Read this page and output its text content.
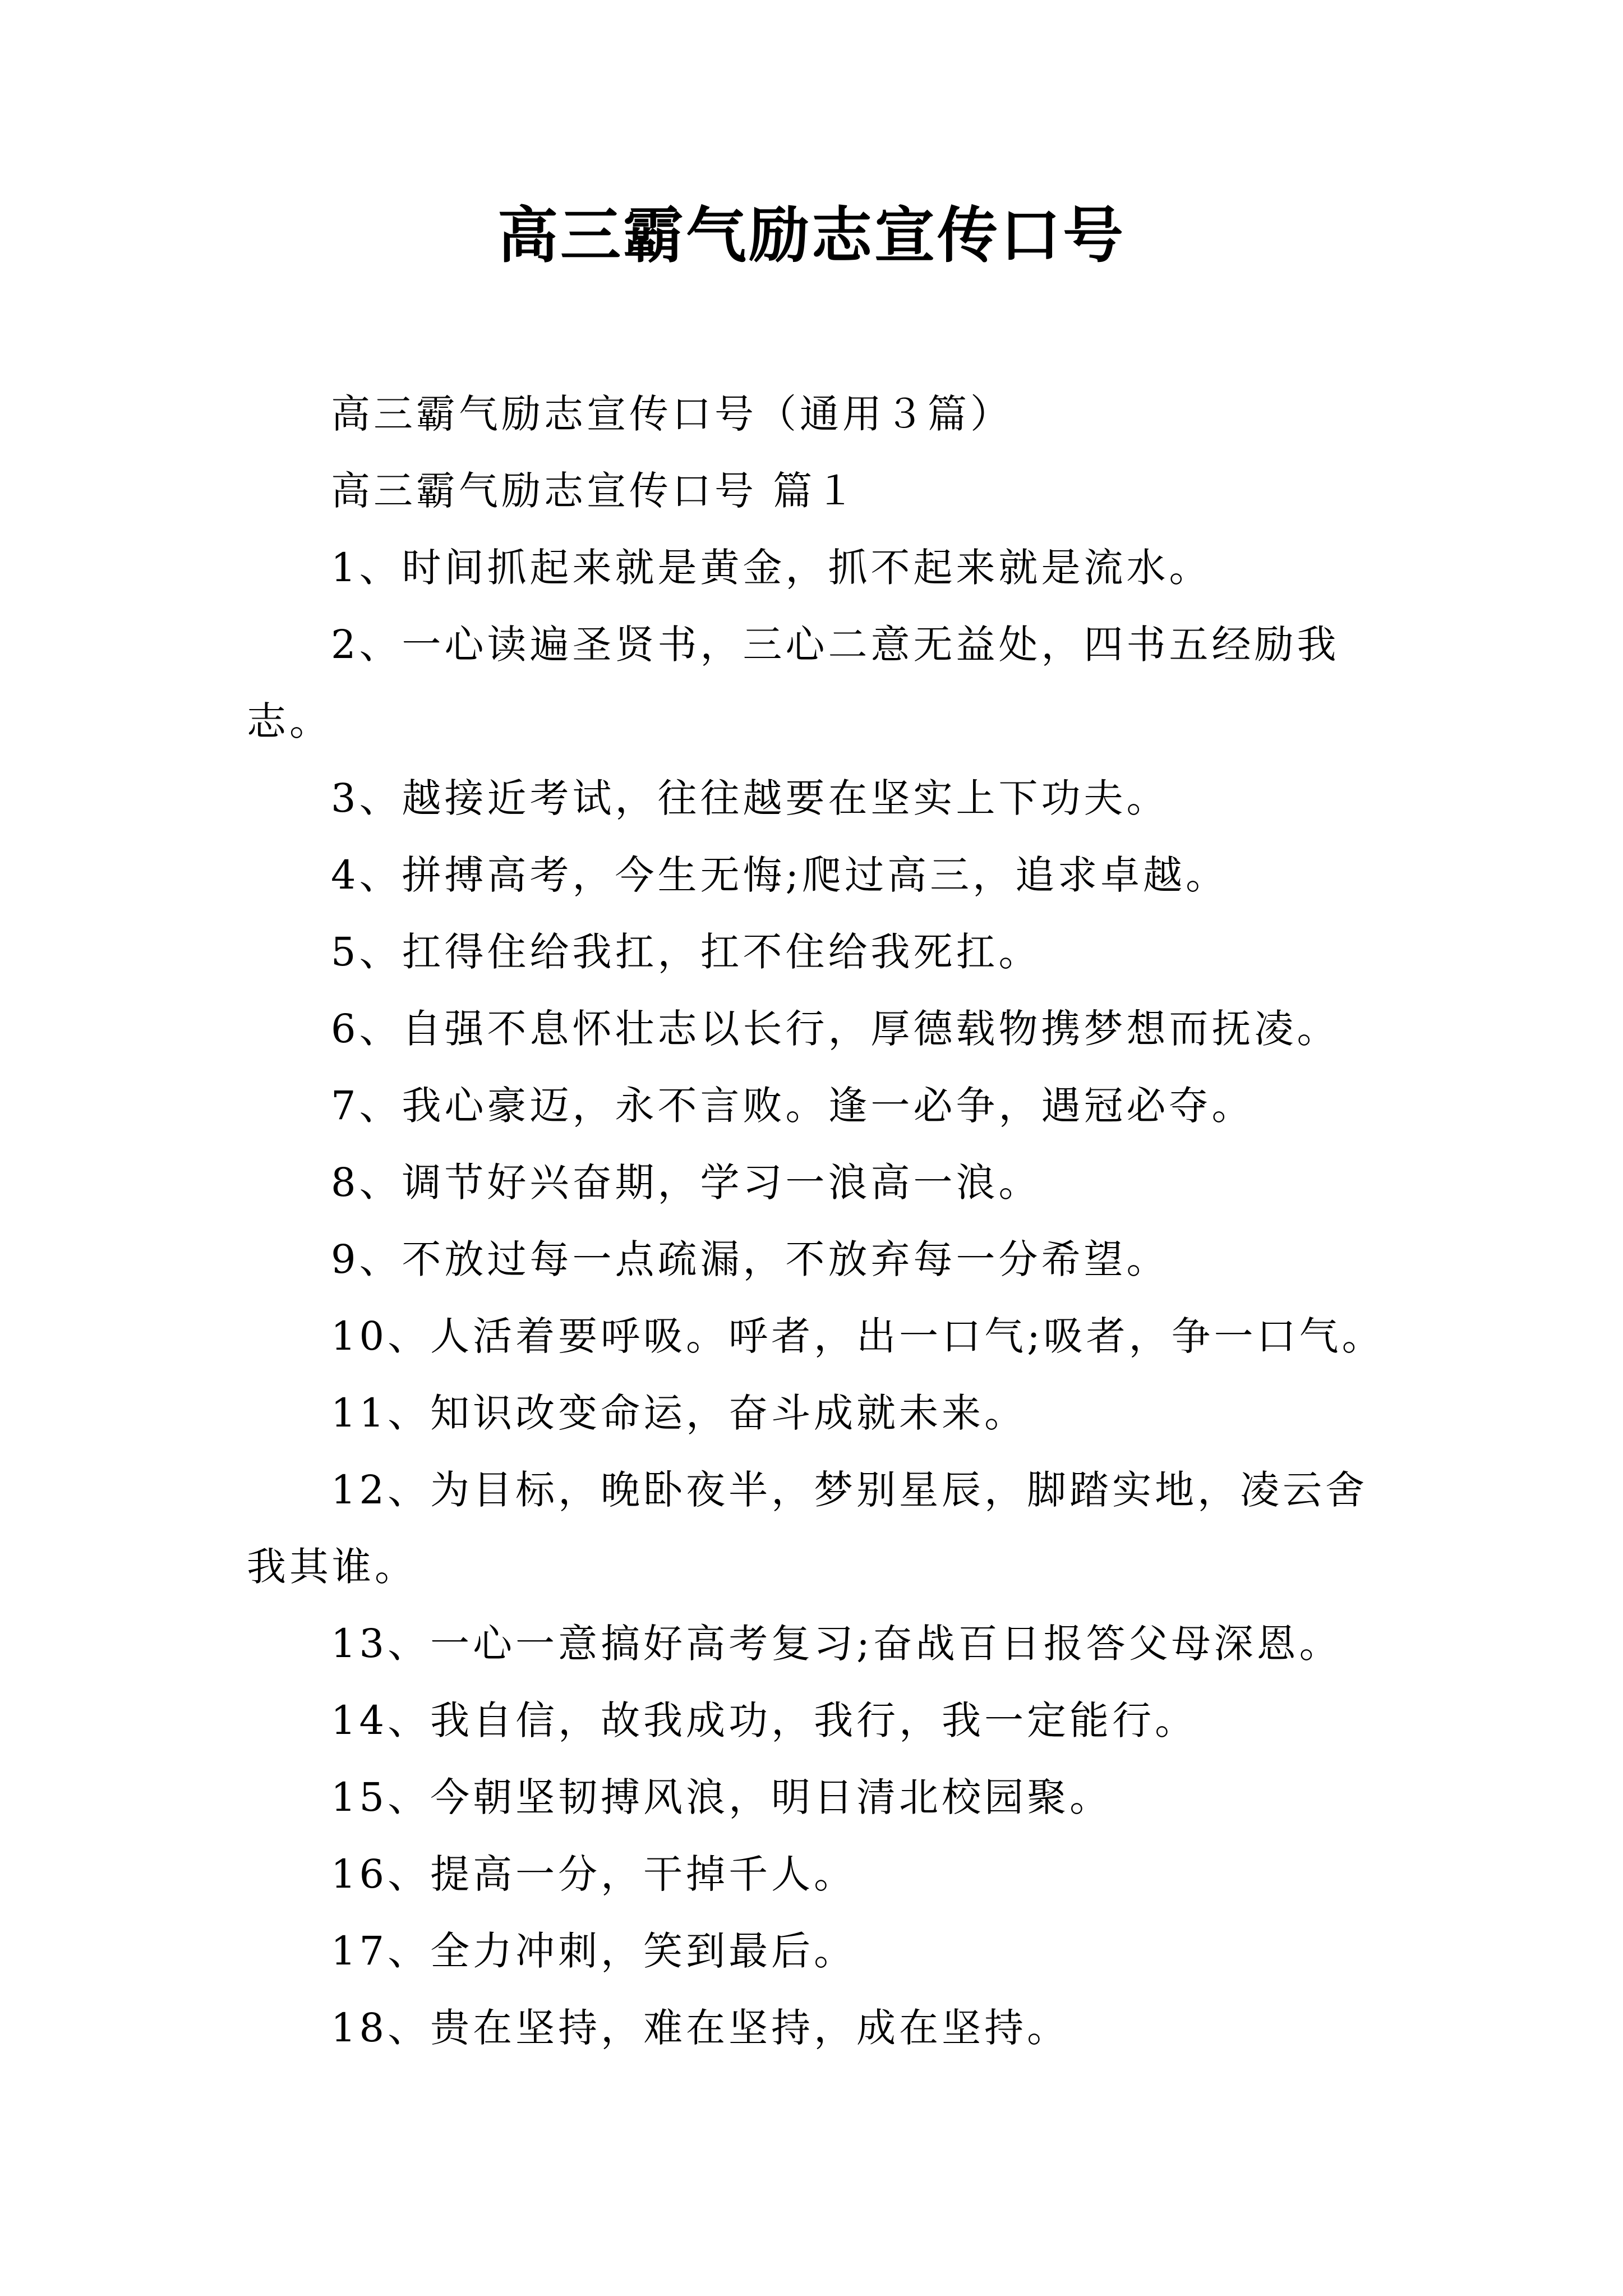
高三霸气励志宣传口号

高三霸气励志宣传口号（通用３篇）

高三霸气励志宣传口号 篇１

1、时间抓起来就是黄金，抓不起来就是流水。

2、一心读遍圣贤书，三心二意无益处，四书五经励我志。

3、越接近考试，往往越要在坚实上下功夫。

4、拼搏高考，今生无悔;爬过高三，追求卓越。

5、扛得住给我扛，扛不住给我死扛。

6、自强不息怀壮志以长行，厚德载物携梦想而抚凌。

7、我心豪迈，永不言败。逢一必争，遇冠必夺。

8、调节好兴奋期，学习一浪高一浪。

9、不放过每一点疏漏，不放弃每一分希望。

10、人活着要呼吸。呼者，出一口气;吸者，争一口气。

11、知识改变命运，奋斗成就未来。

12、为目标，晚卧夜半，梦别星辰，脚踏实地，凌云舍我其谁。

13、一心一意搞好高考复习;奋战百日报答父母深恩。

14、我自信，故我成功，我行，我一定能行。

15、今朝坚韧搏风浪，明日清北校园聚。

16、提高一分，干掉千人。

17、全力冲刺，笑到最后。

18、贵在坚持，难在坚持，成在坚持。
